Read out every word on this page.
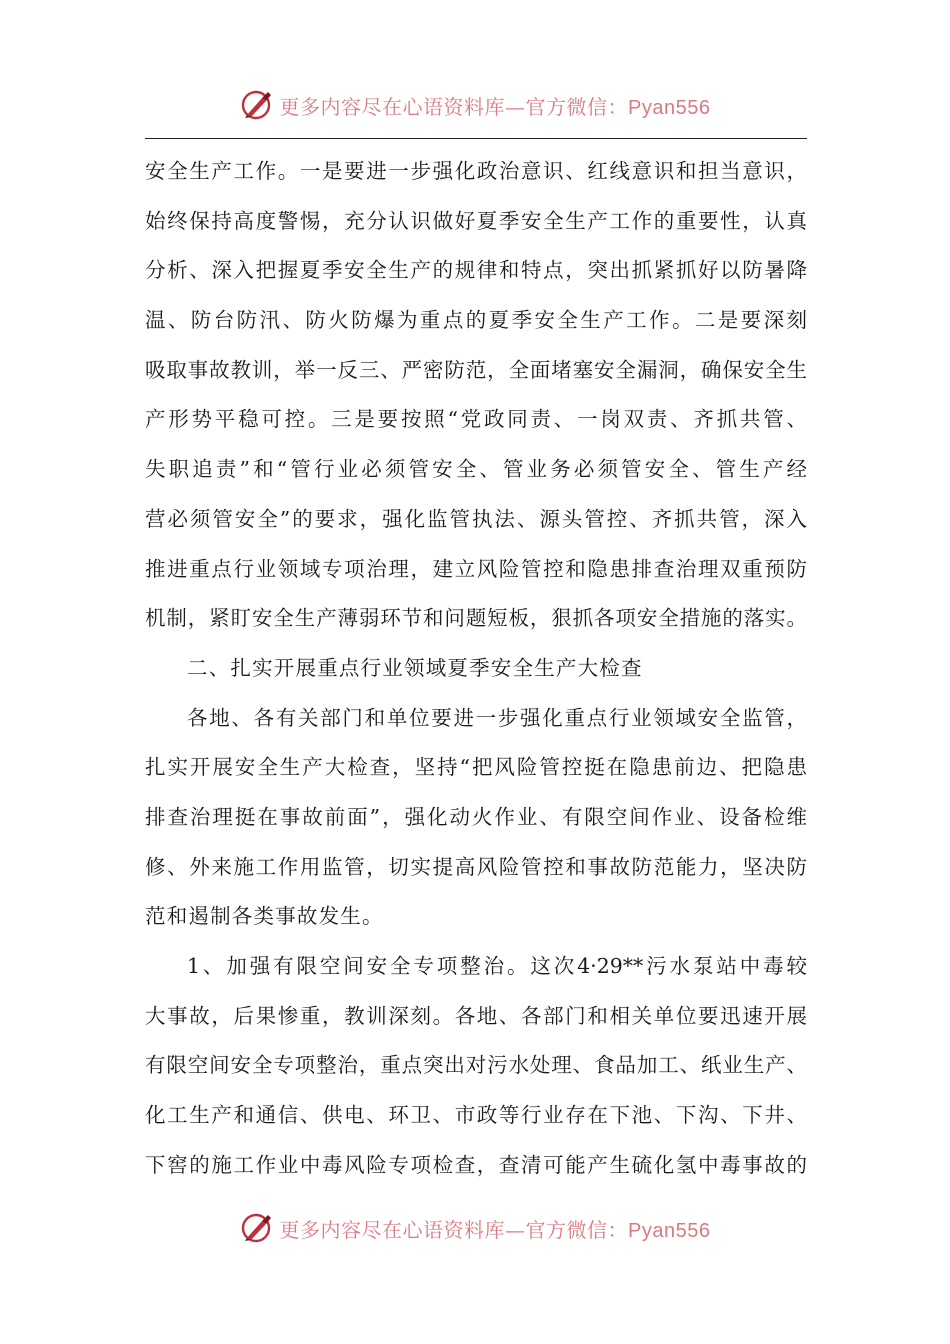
更多内容尽在心语资料库—官方微信：Pyan556
安全生产工作。一是要进一步强化政治意识、红线意识和担当意识，
始终保持高度警惕，充分认识做好夏季安全生产工作的重要性，认真
分析、深入把握夏季安全生产的规律和特点，突出抓紧抓好以防暑降
温、防台防汛、防火防爆为重点的夏季安全生产工作。二是要深刻
吸取事故教训，举一反三、严密防范，全面堵塞安全漏洞，确保安全生
产形势平稳可控。三是要按照“党政同责、一岗双责、齐抓共管、
失职追责”和“管行业必须管安全、管业务必须管安全、管生产经
营必须管安全”的要求，强化监管执法、源头管控、齐抓共管，深入
推进重点行业领域专项治理，建立风险管控和隐患排查治理双重预防
机制，紧盯安全生产薄弱环节和问题短板，狠抓各项安全措施的落实。
二、扎实开展重点行业领域夏季安全生产大检查
各地、各有关部门和单位要进一步强化重点行业领域安全监管，
扎实开展安全生产大检查，坚持“把风险管控挺在隐患前边、把隐患
排查治理挺在事故前面”，强化动火作业、有限空间作业、设备检维
修、外来施工作用监管，切实提高风险管控和事故防范能力，坚决防
范和遏制各类事故发生。
1、加强有限空间安全专项整治。这次4·29**污水泵站中毒较
大事故，后果惨重，教训深刻。各地、各部门和相关单位要迅速开展
有限空间安全专项整治，重点突出对污水处理、食品加工、纸业生产、
化工生产和通信、供电、环卫、市政等行业存在下池、下沟、下井、
下窖的施工作业中毒风险专项检查，查清可能产生硫化氢中毒事故的
更多内容尽在心语资料库—官方微信：Pyan556
